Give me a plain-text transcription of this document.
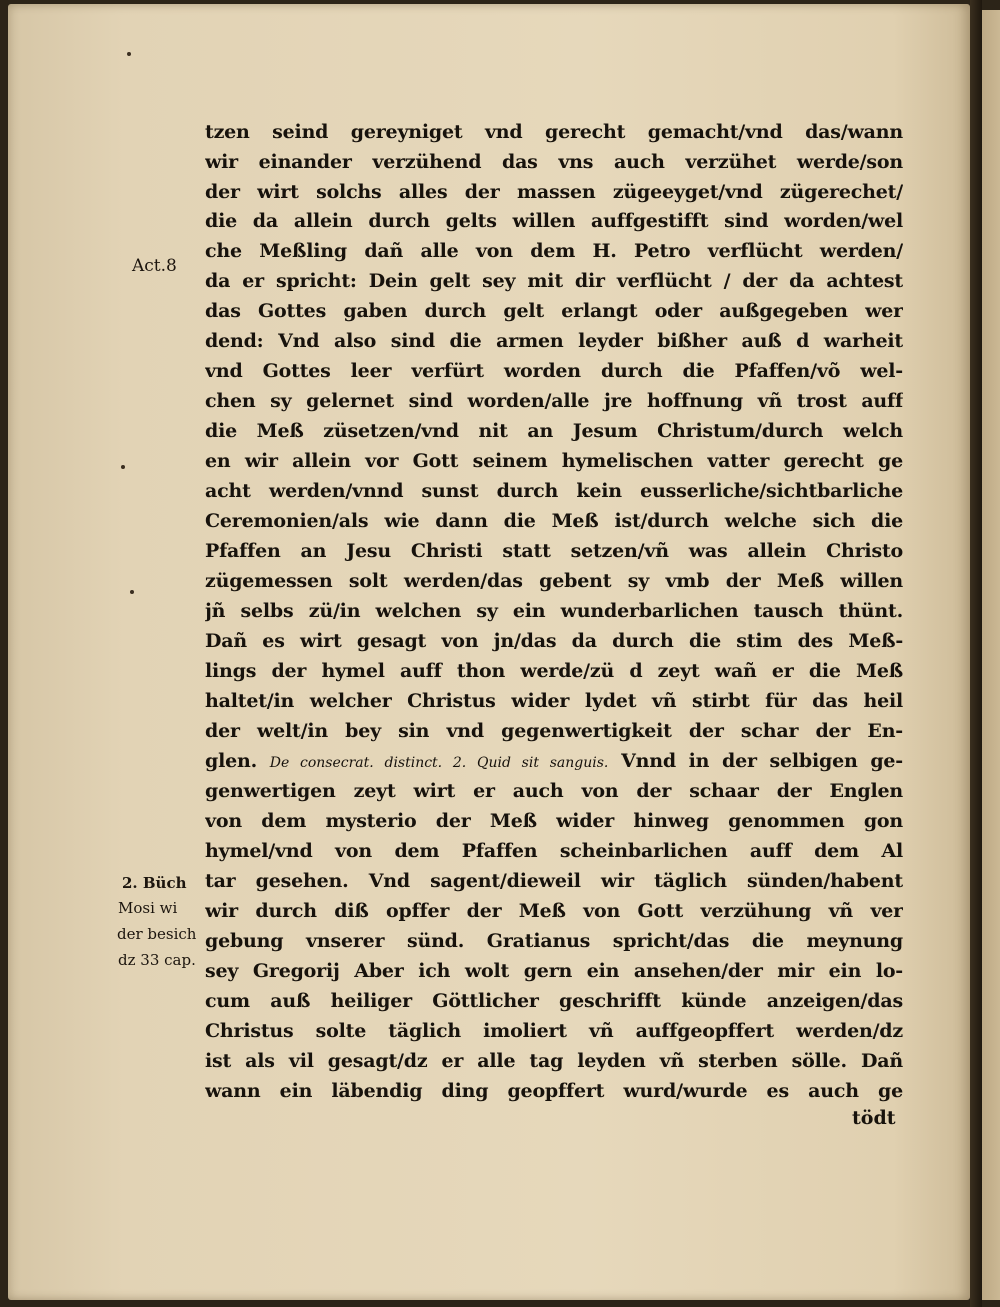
Act.8
2. Büch
Mosi wi
der besich
dz 33 cap.
tzen seind gereyniget vnd gerecht gemacht/vnd das/wann
wir einander verzühend das vns auch verzühet werde/son
der wirt solchs alles der massen zügeeyget/vnd zügerechet/
die da allein durch gelts willen auffgestifft sind worden/wel
che Meßling dañ alle von dem H. Petro verflücht werden/
da er spricht: Dein gelt sey mit dir verflücht / der da achtest
das Gottes gaben durch gelt erlangt oder außgegeben wer
dend: Vnd also sind die armen leyder bißher auß d warheit
vnd Gottes leer verfürt worden durch die Pfaffen/võ wel-
chen sy gelernet sind worden/alle jre hoffnung vñ trost auff
die Meß züsetzen/vnd nit an Jesum Christum/durch welch
en wir allein vor Gott seinem hymelischen vatter gerecht ge
acht werden/vnnd sunst durch kein eusserliche/sichtbarliche
Ceremonien/als wie dann die Meß ist/durch welche sich die
Pfaffen an Jesu Christi statt setzen/vñ was allein Christo
zügemessen solt werden/das gebent sy vmb der Meß willen
jñ selbs zü/in welchen sy ein wunderbarlichen tausch thünt.
Dañ es wirt gesagt von jn/das da durch die stim des Meß-
lings der hymel auff thon werde/zü d zeyt wañ er die Meß
haltet/in welcher Christus wider lydet vñ stirbt für das heil
der welt/in bey sin vnd gegenwertigkeit der schar der En-
glen. De consecrat. distinct. 2. Quid sit sanguis. Vnnd in der selbigen ge-
genwertigen zeyt wirt er auch von der schaar der Englen
von dem mysterio der Meß wider hinweg genommen gon
hymel/vnd von dem Pfaffen scheinbarlichen auff dem Al
tar gesehen. Vnd sagent/dieweil wir täglich sünden/habent
wir durch diß opffer der Meß von Gott verzühung vñ ver
gebung vnserer sünd. Gratianus spricht/das die meynung
sey Gregorij Aber ich wolt gern ein ansehen/der mir ein lo-
cum auß heiliger Göttlicher geschrifft künde anzeigen/das
Christus solte täglich imoliert vñ auffgeopffert werden/dz
ist als vil gesagt/dz er alle tag leyden vñ sterben sölle. Dañ
wann ein läbendig ding geopffert wurd/wurde es auch ge
tödt
